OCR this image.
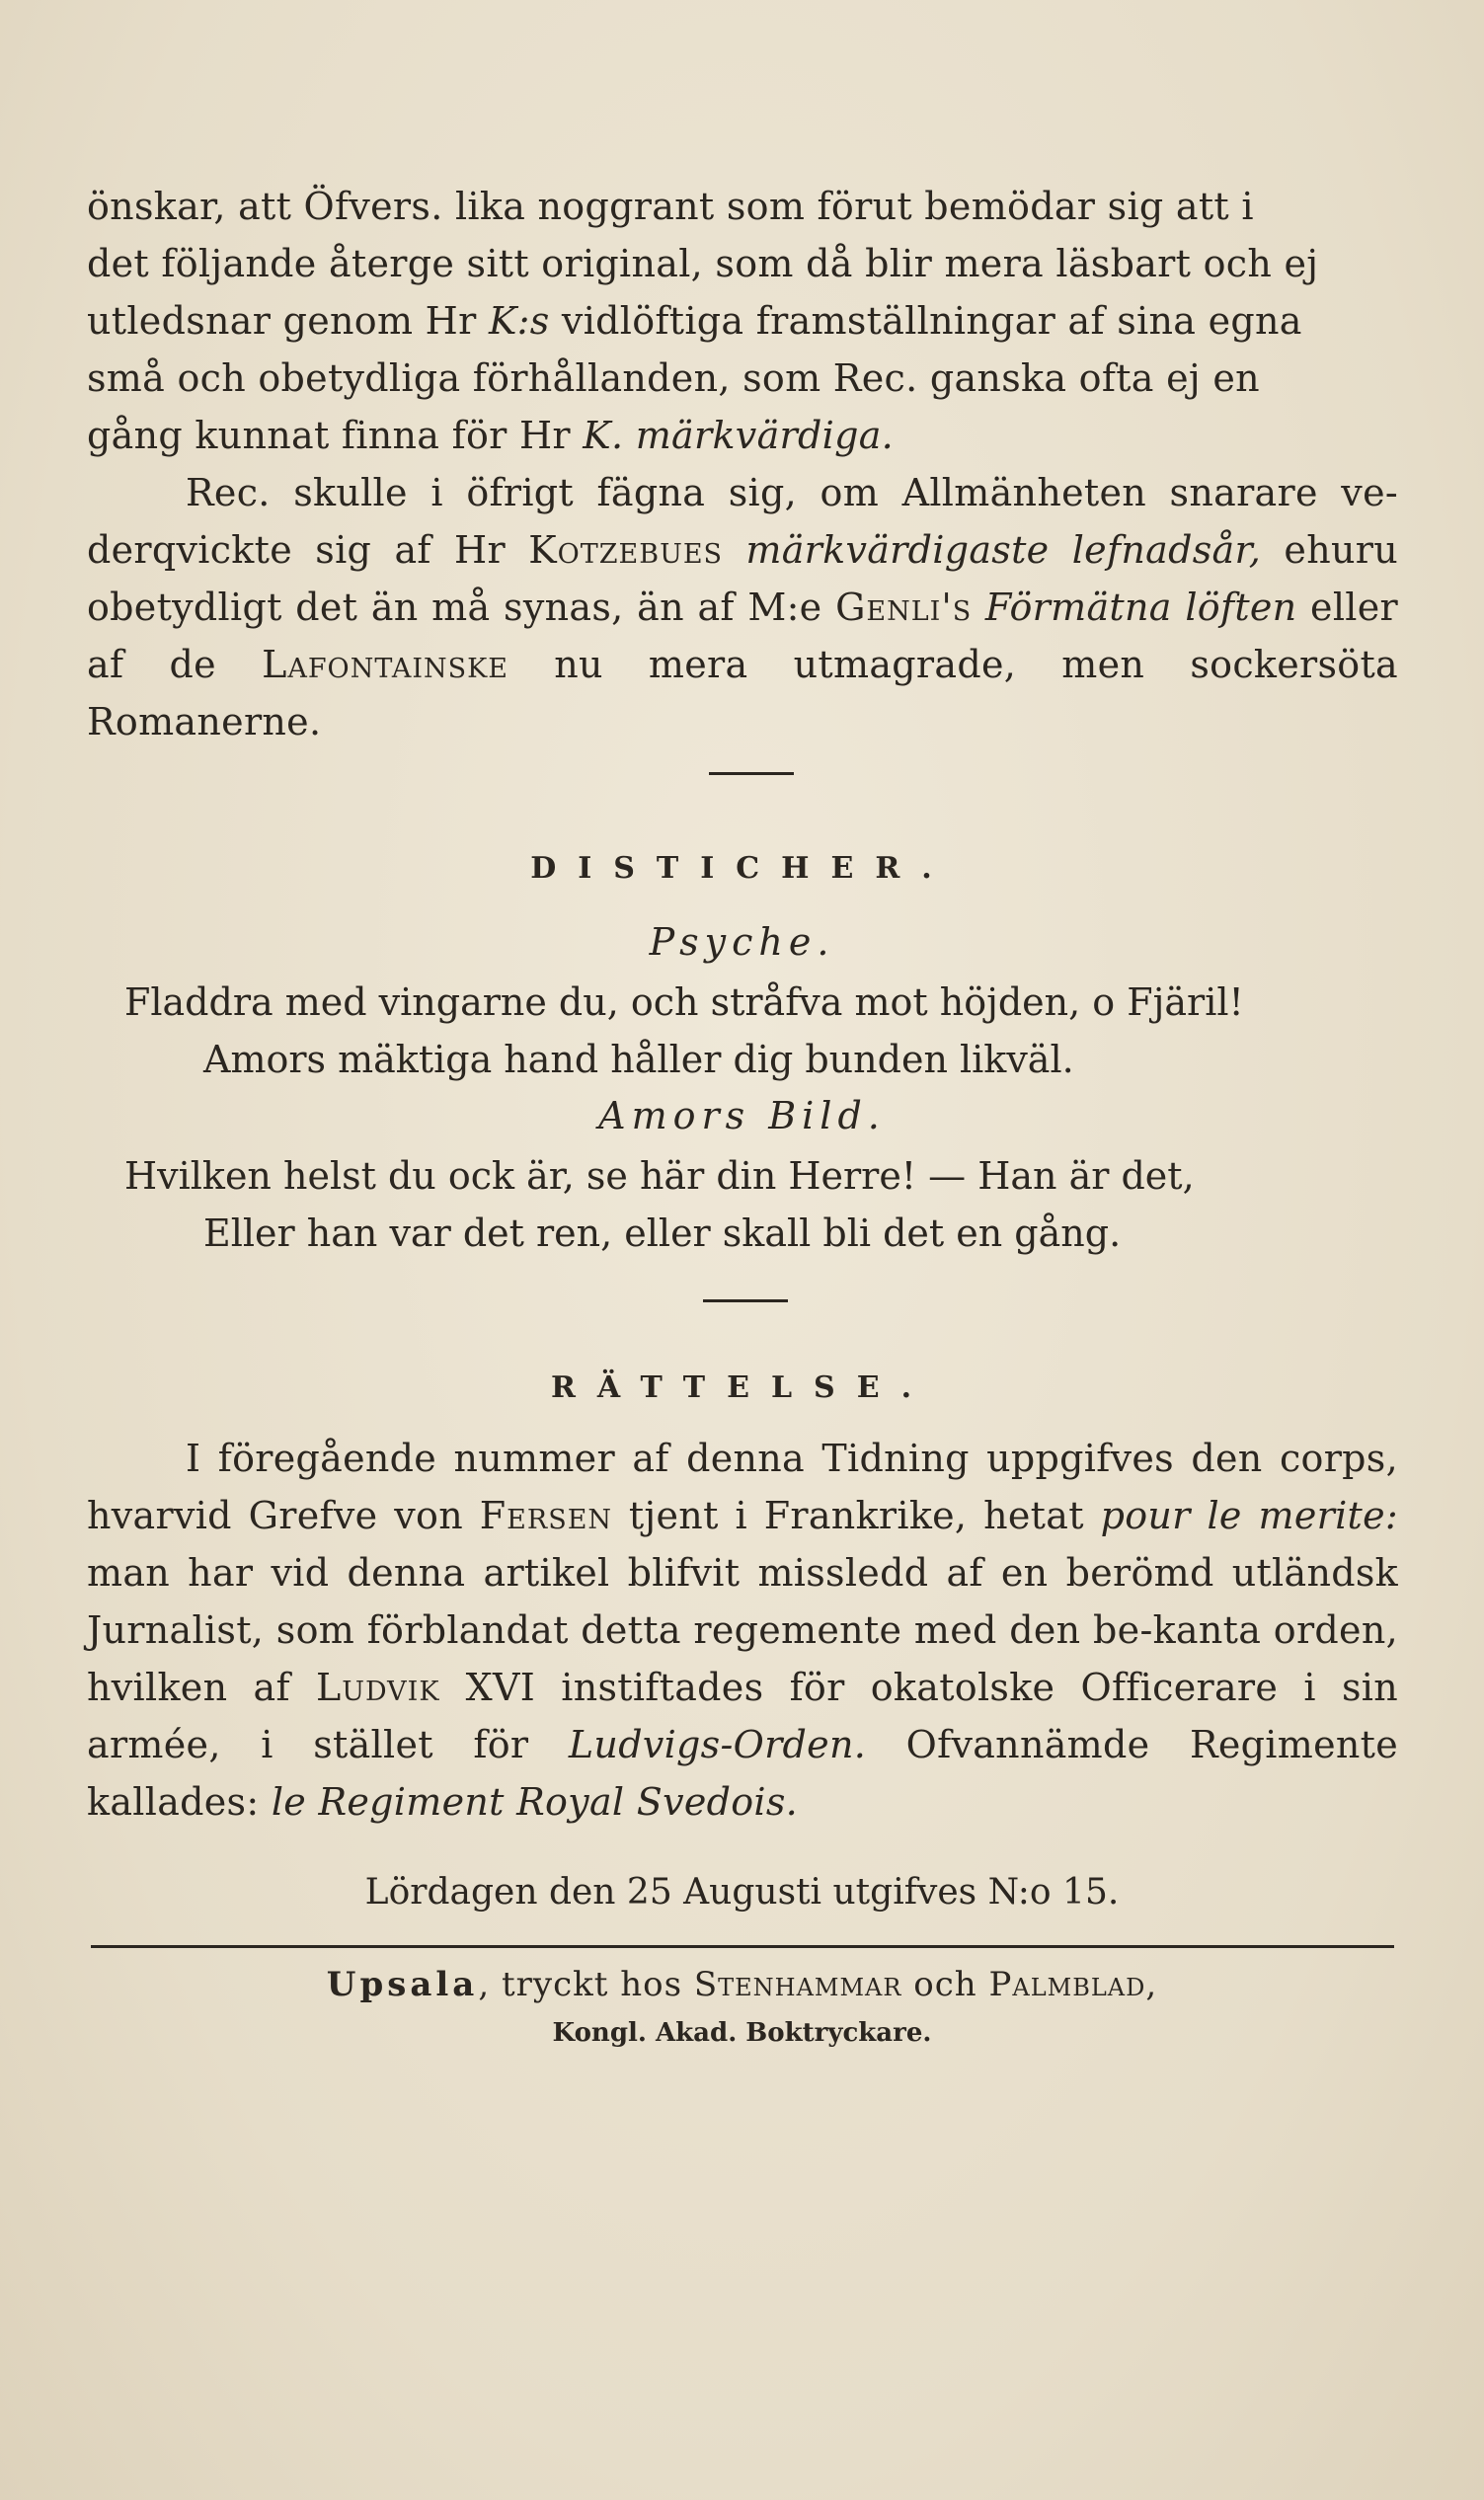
önskar, att Öfvers. lika noggrant som förut bemödar sig att i

det följande återge sitt original, som då blir mera läsbart och ej

utledsnar genom Hr K:s vidlöftiga framställningar af sina egna

små och obetydliga förhållanden, som Rec. ganska ofta ej en

gång kunnat finna för Hr K. märkvärdiga.

Rec. skulle i öfrigt fägna sig, om Allmänheten snarare ve-derqvickte sig af Hr Kotzebues märkvärdigaste lefnadsår, ehuru obetydligt det än må synas, än af M:e Genli's Förmätna löften eller af de Lafontainske nu mera utmagrade, men sockersöta Romanerne.

DISTICHER.

Psyche.

Fladdra med vingarne du, och stråfva mot höjden, o Fjäril!

Amors mäktiga hand håller dig bunden likväl.

Amors Bild.

Hvilken helst du ock är, se här din Herre! — Han är det,

Eller han var det ren, eller skall bli det en gång.

RÄTTELSE.

I föregående nummer af denna Tidning uppgifves den corps, hvarvid Grefve von Fersen tjent i Frankrike, hetat pour le merite: man har vid denna artikel blifvit missledd af en berömd utländsk Jurnalist, som förblandat detta regemente med den be-kanta orden, hvilken af Ludvik XVI instiftades för okatolske Officerare i sin armée, i stället för Ludvigs-Orden. Ofvannämde Regimente kallades: le Regiment Royal Svedois.

Lördagen den 25 Augusti utgifves N:o 15.

Upsala, tryckt hos Stenhammar och Palmblad,

Kongl. Akad. Boktryckare.
